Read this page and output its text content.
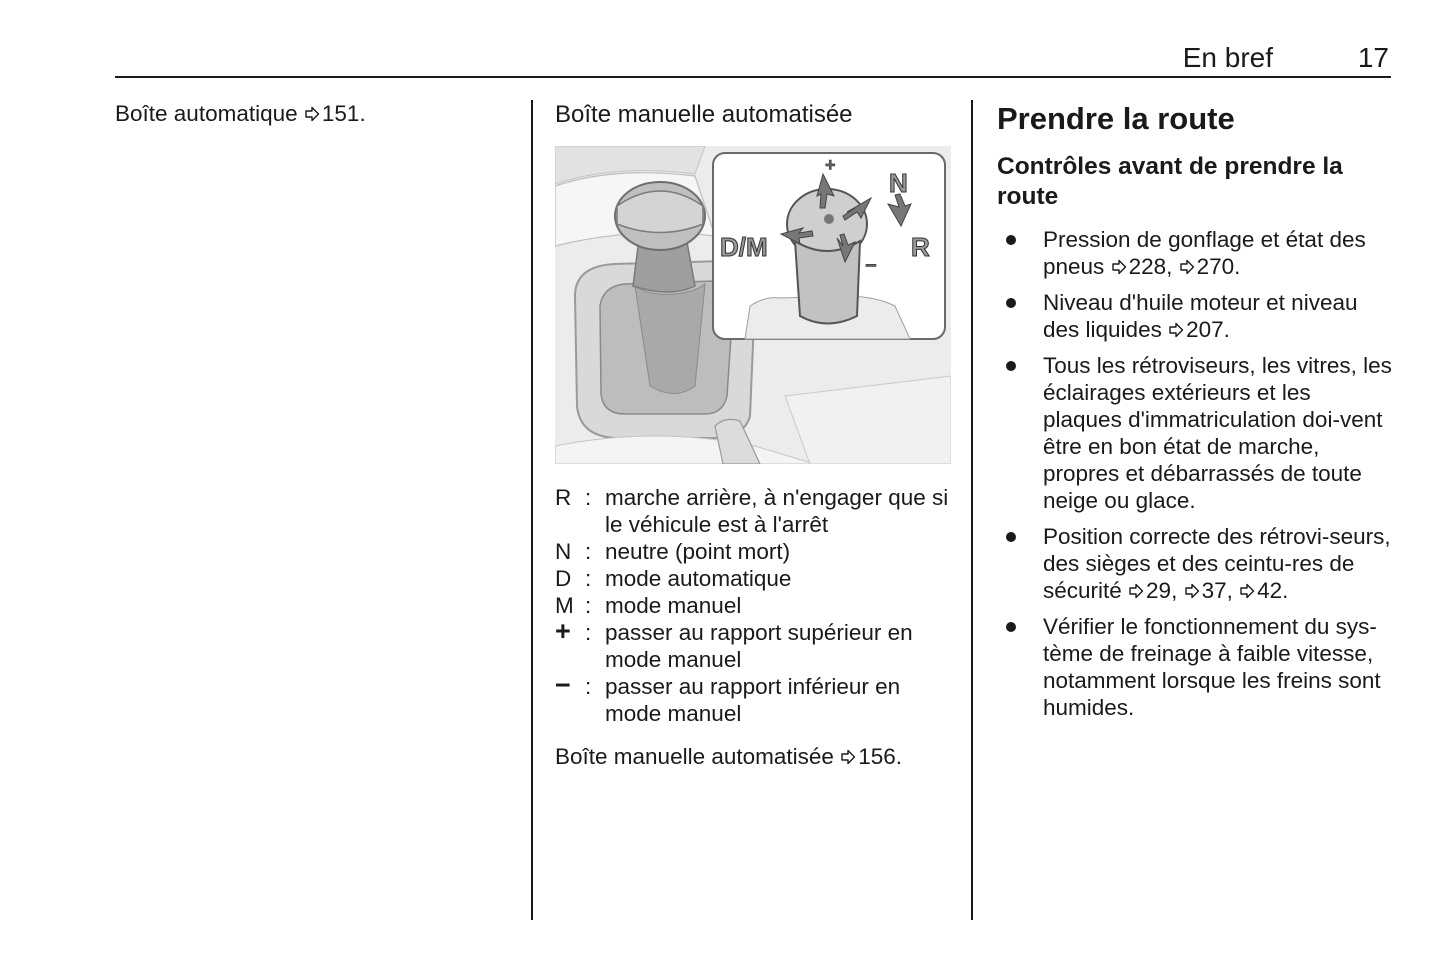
En bref	17
Boîte automatique 151.	Boîte manuelle automatisée
+
N
D/M	R
−
R : marche arrière, à n'engager que si le véhicule est à l'arrêt
N : neutre (point mort)
D : mode automatique
M : mode manuel
+ : passer au rapport supérieur en mode manuel
− : passer au rapport inférieur en mode manuel
Boîte manuelle automatisée 156.
Prendre la route
Contrôles avant de prendre la route
Pression de gonflage et état des pneus 228, 270.
Niveau d'huile moteur et niveau des liquides 207.
Tous les rétroviseurs, les vitres, les éclairages extérieurs et les plaques d'immatriculation doi-vent être en bon état de marche, propres et débarrassés de toute neige ou glace.
Position correcte des rétrovi-seurs, des sièges et des ceintu-res de sécurité 29, 37, 42.
Vérifier le fonctionnement du sys-tème de freinage à faible vitesse, notamment lorsque les freins sont humides.
